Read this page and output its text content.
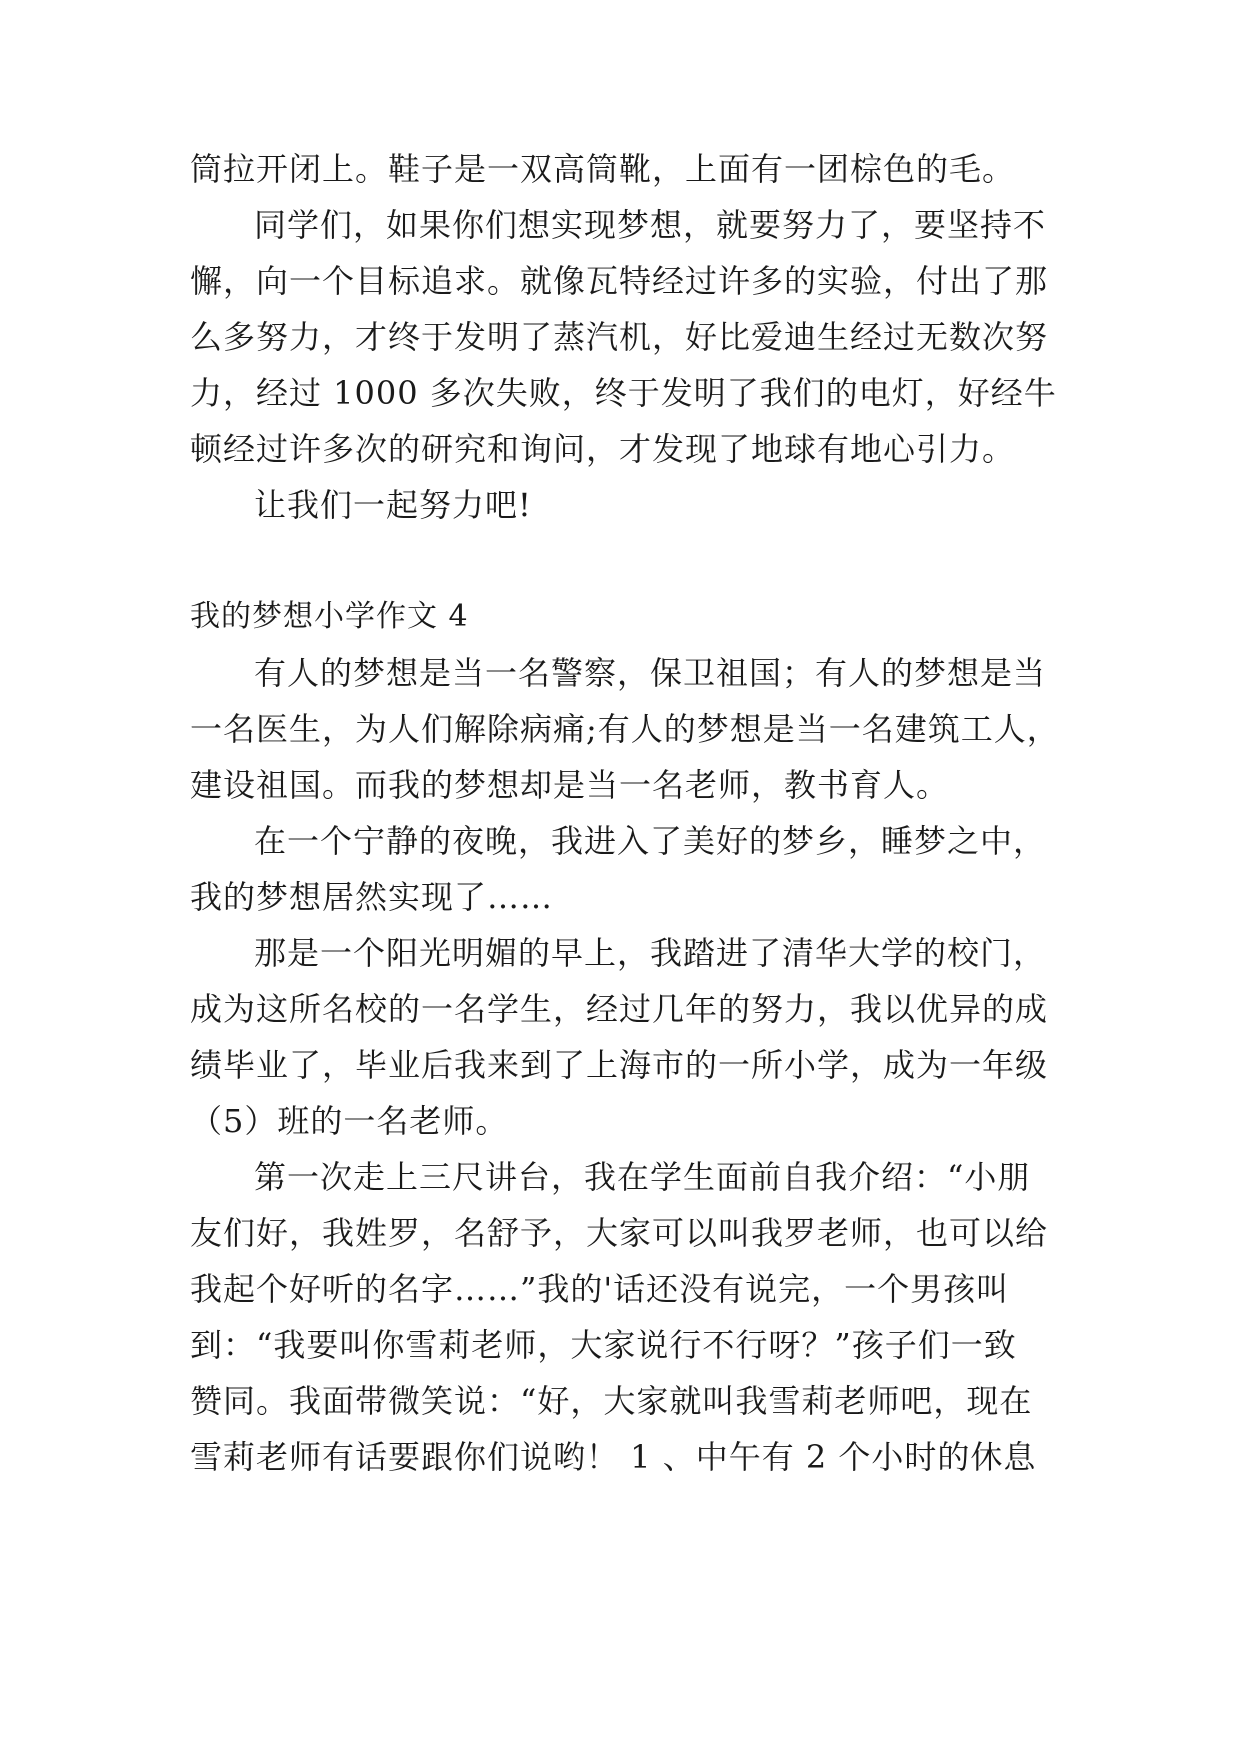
筒拉开闭上。鞋子是一双高筒靴，上面有一团棕色的毛。
同学们，如果你们想实现梦想，就要努力了，要坚持不
懈，向一个目标追求。就像瓦特经过许多的实验，付出了那
么多努力，才终于发明了蒸汽机，好比爱迪生经过无数次努
力，经过 1000 多次失败，终于发明了我们的电灯，好经牛
顿经过许多次的研究和询问，才发现了地球有地心引力。
让我们一起努力吧!
我的梦想小学作文 4
有人的梦想是当一名警察，保卫祖国；有人的梦想是当
一名医生，为人们解除病痛;有人的梦想是当一名建筑工人，
建设祖国。而我的梦想却是当一名老师，教书育人。
在一个宁静的夜晚，我进入了美好的梦乡，睡梦之中，
我的梦想居然实现了……
那是一个阳光明媚的早上，我踏进了清华大学的校门，
成为这所名校的一名学生，经过几年的努力，我以优异的成
绩毕业了，毕业后我来到了上海市的一所小学，成为一年级
（5）班的一名老师。
第一次走上三尺讲台，我在学生面前自我介绍：“小朋
友们好，我姓罗，名舒予，大家可以叫我罗老师，也可以给
我起个好听的名字……”我的'话还没有说完，一个男孩叫
到：“我要叫你雪莉老师，大家说行不行呀？”孩子们一致
赞同。我面带微笑说：“好，大家就叫我雪莉老师吧，现在
雪莉老师有话要跟你们说哟！ 1 、中午有 2 个小时的休息
